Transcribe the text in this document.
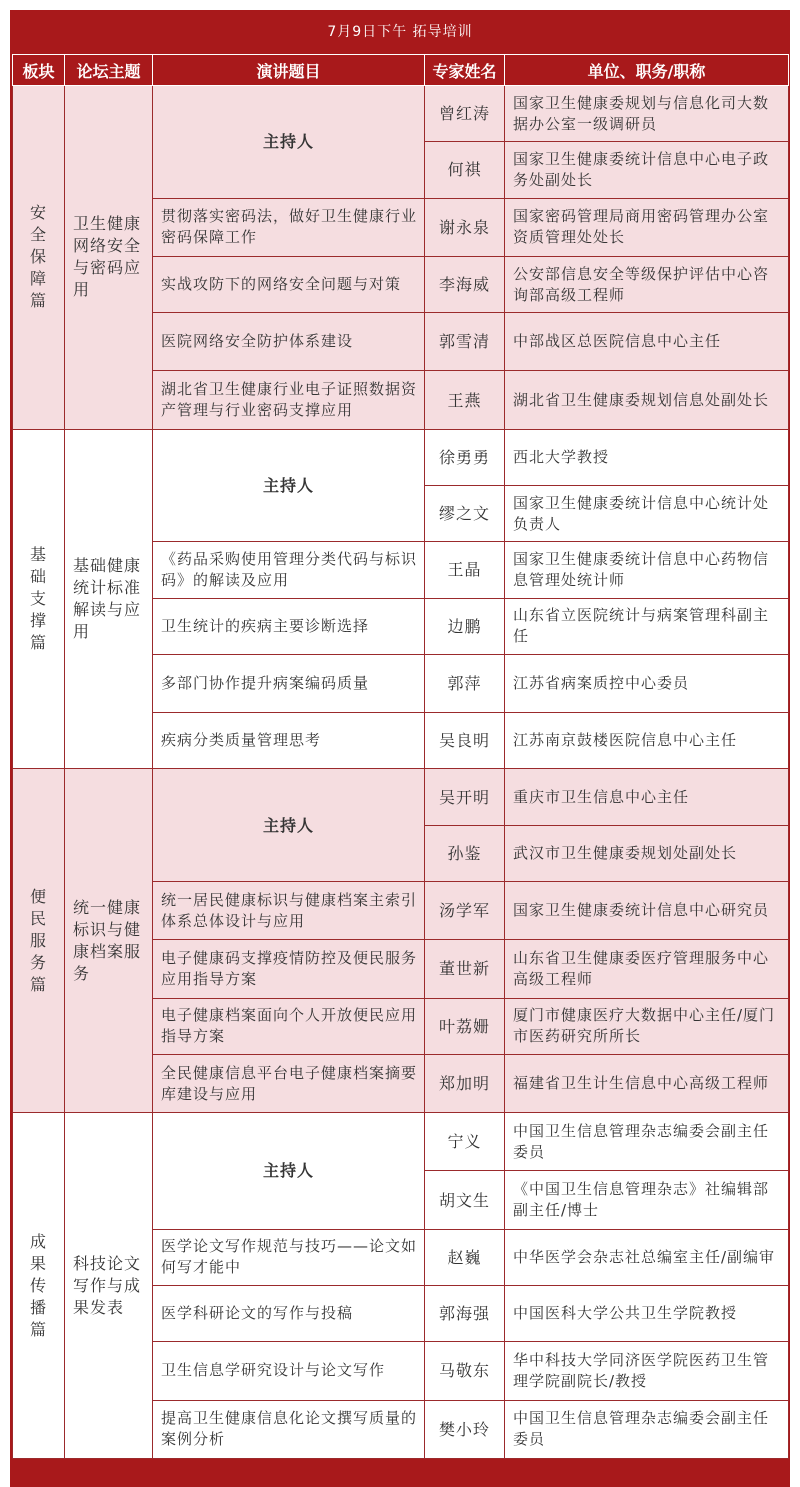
7月9日下午 拓导培训
板块	论坛主题	演讲题目	专家姓名	单位、职务/职称
安全保障篇	卫生健康网络安全与密码应用	主持人	曾红涛	国家卫生健康委规划与信息化司大数据办公室一级调研员
			何祺	国家卫生健康委统计信息中心电子政务处副处长
		贯彻落实密码法，做好卫生健康行业密码保障工作	谢永泉	国家密码管理局商用密码管理办公室资质管理处处长
		实战攻防下的网络安全问题与对策	李海威	公安部信息安全等级保护评估中心咨询部高级工程师
		医院网络安全防护体系建设	郭雪清	中部战区总医院信息中心主任
		湖北省卫生健康行业电子证照数据资产管理与行业密码支撑应用	王燕	湖北省卫生健康委规划信息处副处长
基础支撑篇	基础健康统计标准解读与应用	主持人	徐勇勇	西北大学教授
			缪之文	国家卫生健康委统计信息中心统计处负责人
		《药品采购使用管理分类代码与标识码》的解读及应用	王晶	国家卫生健康委统计信息中心药物信息管理处统计师
		卫生统计的疾病主要诊断选择	边鹏	山东省立医院统计与病案管理科副主任
		多部门协作提升病案编码质量	郭萍	江苏省病案质控中心委员
		疾病分类质量管理思考	吴良明	江苏南京鼓楼医院信息中心主任
便民服务篇	统一健康标识与健康档案服务	主持人	吴开明	重庆市卫生信息中心主任
			孙鉴	武汉市卫生健康委规划处副处长
		统一居民健康标识与健康档案主索引体系总体设计与应用	汤学军	国家卫生健康委统计信息中心研究员
		电子健康码支撑疫情防控及便民服务应用指导方案	董世新	山东省卫生健康委医疗管理服务中心高级工程师
		电子健康档案面向个人开放便民应用指导方案	叶荔姗	厦门市健康医疗大数据中心主任/厦门市医药研究所所长
		全民健康信息平台电子健康档案摘要库建设与应用	郑加明	福建省卫生计生信息中心高级工程师
成果传播篇	科技论文写作与成果发表	主持人	宁义	中国卫生信息管理杂志编委会副主任委员
			胡文生	《中国卫生信息管理杂志》社编辑部副主任/博士
		医学论文写作规范与技巧——论文如何写才能中	赵巍	中华医学会杂志社总编室主任/副编审
		医学科研论文的写作与投稿	郭海强	中国医科大学公共卫生学院教授
		卫生信息学研究设计与论文写作	马敬东	华中科技大学同济医学院医药卫生管理学院副院长/教授
		提高卫生健康信息化论文撰写质量的案例分析	樊小玲	中国卫生信息管理杂志编委会副主任委员
